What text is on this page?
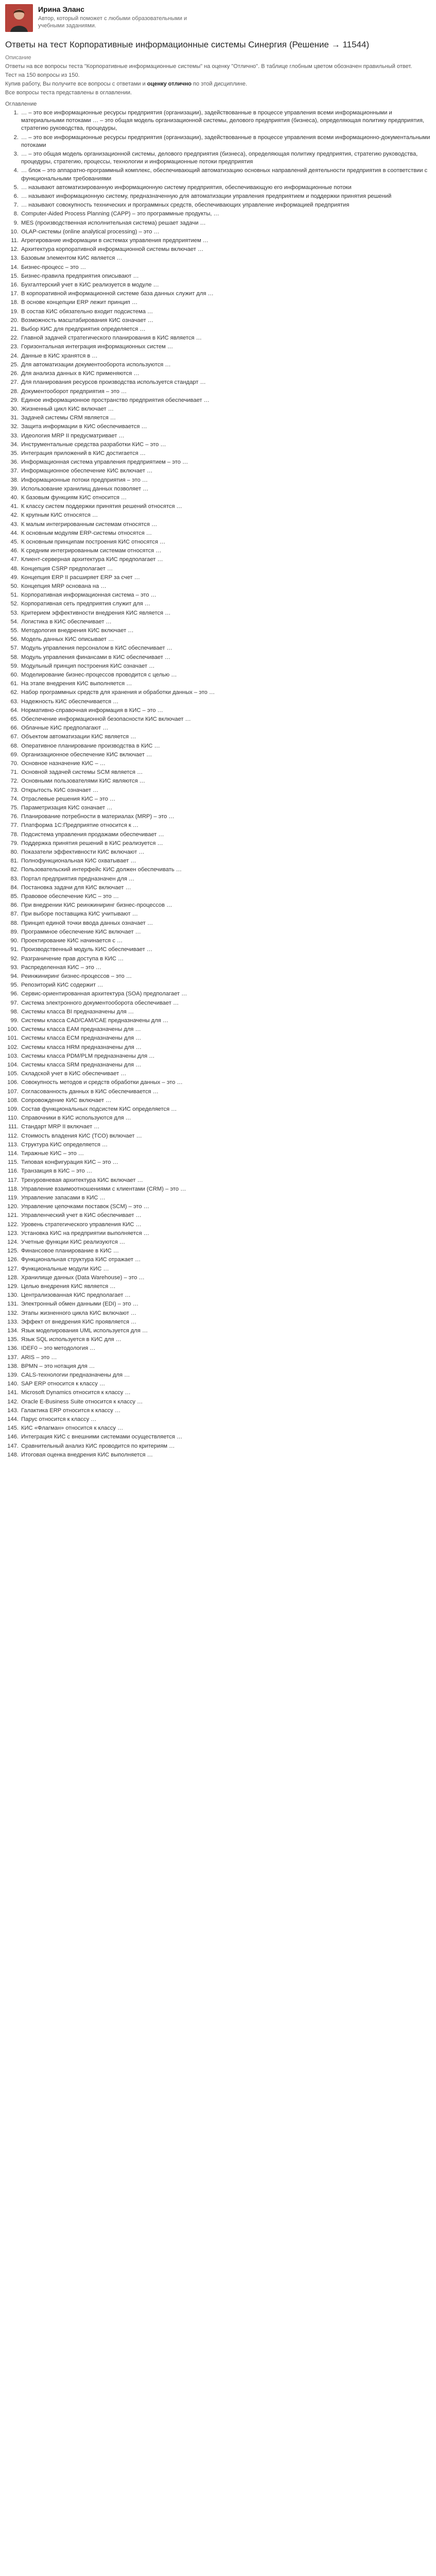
Ирина Эланс
Автор, который поможет с любыми образовательными и
учебными заданиями.
Ответы на тест Корпоративные информационные системы Синергия (Решение → 11544)

Описание

Ответы на все вопросы теста "Корпоративные информационные системы" на оценку "Отлично". В таблице глобным цветом обозначен правильный ответ.

Тест на 150 вопросы из 150.

Купив работу, Вы получите все вопросы с ответами и оценку отлично по этой дисциплине.

Все вопросы теста представлены в оглавлении.

Оглавление
1. … – это все информационные ресурсы предприятия (организации), задействованные в процессе управления всеми информационными и материальными потоками … – это общая модель организационной системы, делового предприятия (бизнеса), определяющая политику предприятия, стратегию руководства, процедуры,
2. … – это все информационные ресурсы предприятия (организации), задействованные в процессе управления всеми информационно-документальными потоками
3. … – это общая модель организационной системы, делового предприятия (бизнеса), определяющая политику предприятия, стратегию руководства, процедуры, стратегию, процессы, технологии и информационные потоки предприятия
4. … блок – это аппаратно-программный комплекс, обеспечивающий автоматизацию основных направлений деятельности предприятия в соответствии с функциональными требованиями
5. … называют автоматизированную информационную систему предприятия, обеспечивающую его информационные потоки
6. … называют информационную систему, предназначенную для автоматизации управления предприятием и поддержки принятия решений
7. … называют совокупность технических и программных средств, обеспечивающих управление информацией предприятия
8. Computer-Aided Process Planning (CAPP) – это программные продукты, …
9. MES (производственная исполнительная система) решает задачи …
10. OLAP-системы (online analytical processing) – это …
11. Агрегирование информации в системах управления предприятием …
12. Архитектура корпоративной информационной системы включает …
13. Базовым элементом КИС является …
14. Бизнес-процесс – это …
15. Бизнес-правила предприятия описывают …
16. Бухгалтерский учет в КИС реализуется в модуле …
17. В корпоративной информационной системе база данных служит для …
18. В основе концепции ERP лежит принцип …
19. В состав КИС обязательно входит подсистема …
20. Возможность масштабирования КИС означает …
21. Выбор КИС для предприятия определяется …
22. Главной задачей стратегического планирования в КИС является …
23. Горизонтальная интеграция информационных систем …
24. Данные в КИС хранятся в …
25. Для автоматизации документооборота используются …
26. Для анализа данных в КИС применяются …
27. Для планирования ресурсов производства используется стандарт …
28. Документооборот предприятия – это …
29. Единое информационное пространство предприятия обеспечивает …
30. Жизненный цикл КИС включает …
31. Задачей системы CRM является …
32. Защита информации в КИС обеспечивается …
33. Идеология MRP II предусматривает …
34. Инструментальные средства разработки КИС – это …
35. Интеграция приложений в КИС достигается …
36. Информационная система управления предприятием – это …
37. Информационное обеспечение КИС включает …
38. Информационные потоки предприятия – это …
39. Использование хранилищ данных позволяет …
40. К базовым функциям КИС относится …
41. К классу систем поддержки принятия решений относятся …
42. К крупным КИС относятся …
43. К малым интегрированным системам относятся …
44. К основным модулям ERP-системы относятся …
45. К основным принципам построения КИС относятся …
46. К средним интегрированным системам относятся …
47. Клиент-серверная архитектура КИС предполагает …
48. Концепция CSRP предполагает …
49. Концепция ERP II расширяет ERP за счет …
50. Концепция MRP основана на …
51. Корпоративная информационная система – это …
52. Корпоративная сеть предприятия служит для …
53. Критерием эффективности внедрения КИС является …
54. Логистика в КИС обеспечивает …
55. Методология внедрения КИС включает …
56. Модель данных КИС описывает …
57. Модуль управления персоналом в КИС обеспечивает …
58. Модуль управления финансами в КИС обеспечивает …
59. Модульный принцип построения КИС означает …
60. Моделирование бизнес-процессов проводится с целью …
61. На этапе внедрения КИС выполняется …
62. Набор программных средств для хранения и обработки данных – это …
63. Надежность КИС обеспечивается …
64. Нормативно-справочная информация в КИС – это …
65. Обеспечение информационной безопасности КИС включает …
66. Облачные КИС предполагают …
67. Объектом автоматизации КИС является …
68. Оперативное планирование производства в КИС …
69. Организационное обеспечение КИС включает …
70. Основное назначение КИС – …
71. Основной задачей системы SCM является …
72. Основными пользователями КИС являются …
73. Открытость КИС означает …
74. Отраслевые решения КИС – это …
75. Параметризация КИС означает …
76. Планирование потребности в материалах (MRP) – это …
77. Платформа 1С:Предприятие относится к …
78. Подсистема управления продажами обеспечивает …
79. Поддержка принятия решений в КИС реализуется …
80. Показатели эффективности КИС включают …
81. Полнофункциональная КИС охватывает …
82. Пользовательский интерфейс КИС должен обеспечивать …
83. Портал предприятия предназначен для …
84. Постановка задачи для КИС включает …
85. Правовое обеспечение КИС – это …
86. При внедрении КИС реинжиниринг бизнес-процессов …
87. При выборе поставщика КИС учитывают …
88. Принцип единой точки ввода данных означает …
89. Программное обеспечение КИС включает …
90. Проектирование КИС начинается с …
91. Производственный модуль КИС обеспечивает …
92. Разграничение прав доступа в КИС …
93. Распределенная КИС – это …
94. Реинжиниринг бизнес-процессов – это …
95. Репозиторий КИС содержит …
96. Сервис-ориентированная архитектура (SOA) предполагает …
97. Система электронного документооборота обеспечивает …
98. Системы класса BI предназначены для …
99. Системы класса CAD/CAM/CAE предназначены для …
100. Системы класса EAM предназначены для …
101. Системы класса ECM предназначены для …
102. Системы класса HRM предназначены для …
103. Системы класса PDM/PLM предназначены для …
104. Системы класса SRM предназначены для …
105. Складской учет в КИС обеспечивает …
106. Совокупность методов и средств обработки данных – это …
107. Согласованность данных в КИС обеспечивается …
108. Сопровождение КИС включает …
109. Состав функциональных подсистем КИС определяется …
110. Справочники в КИС используются для …
111. Стандарт MRP II включает …
112. Стоимость владения КИС (TCO) включает …
113. Структура КИС определяется …
114. Тиражные КИС – это …
115. Типовая конфигурация КИС – это …
116. Транзакция в КИС – это …
117. Трехуровневая архитектура КИС включает …
118. Управление взаимоотношениями с клиентами (CRM) – это …
119. Управление запасами в КИС …
120. Управление цепочками поставок (SCM) – это …
121. Управленческий учет в КИС обеспечивает …
122. Уровень стратегического управления КИС …
123. Установка КИС на предприятии выполняется …
124. Учетные функции КИС реализуются …
125. Финансовое планирование в КИС …
126. Функциональная структура КИС отражает …
127. Функциональные модули КИС …
128. Хранилище данных (Data Warehouse) – это …
129. Целью внедрения КИС является …
130. Централизованная КИС предполагает …
131. Электронный обмен данными (EDI) – это …
132. Этапы жизненного цикла КИС включают …
133. Эффект от внедрения КИС проявляется …
134. Язык моделирования UML используется для …
135. Язык SQL используется в КИС для …
136. IDEF0 – это методология …
137. ARIS – это …
138. BPMN – это нотация для …
139. CALS-технологии предназначены для …
140. SAP ERP относится к классу …
141. Microsoft Dynamics относится к классу …
142. Oracle E-Business Suite относится к классу …
143. Галактика ERP относится к классу …
144. Парус относится к классу …
145. КИС «Флагман» относится к классу …
146. Интеграция КИС с внешними системами осуществляется …
147. Сравнительный анализ КИС проводится по критериям …
148. Итоговая оценка внедрения КИС выполняется …
